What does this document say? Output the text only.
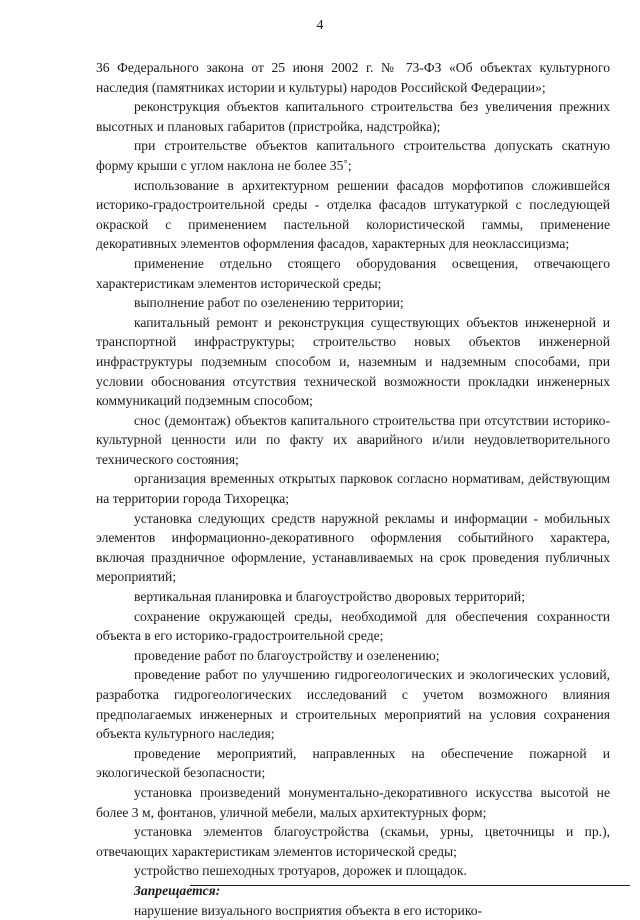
4

36 Федерального закона от 25 июня 2002 г. № 73-ФЗ «Об объектах культурного наследия (памятниках истории и культуры) народов Российской Федерации»;

реконструкция объектов капитального строительства без увеличения прежних высотных и плановых габаритов (пристройка, надстройка);

при строительстве объектов капитального строительства допускать скатную форму крыши с углом наклона не более 35˚;

использование в архитектурном решении фасадов морфотипов сложившейся историко-градостроительной среды - отделка фасадов штукатуркой с последующей окраской с применением пастельной колористической гаммы, применение декоративных элементов оформления фасадов, характерных для неоклассицизма;

применение отдельно стоящего оборудования освещения, отвечающего характеристикам элементов исторической среды;

выполнение работ по озеленению территории;

капитальный ремонт и реконструкция существующих объектов инженерной и транспортной инфраструктуры; строительство новых объектов инженерной инфраструктуры подземным способом и, наземным и надземным способами, при условии обоснования отсутствия технической возможности прокладки инженерных коммуникаций подземным способом;

снос (демонтаж) объектов капитального строительства при отсутствии историко-культурной ценности или по факту их аварийного и/или неудовлетворительного технического состояния;

организация временных открытых парковок согласно нормативам, действующим на территории города Тихорецка;

установка следующих средств наружной рекламы и информации - мобильных элементов информационно-декоративного оформления событийного характера, включая праздничное оформление, устанавливаемых на срок проведения публичных мероприятий;

вертикальная планировка и благоустройство дворовых территорий;

сохранение окружающей среды, необходимой для обеспечения сохранности объекта в его историко-градостроительной среде;

проведение работ по благоустройству и озеленению;

проведение работ по улучшению гидрогеологических и экологических условий, разработка гидрогеологических исследований с учетом возможного влияния предполагаемых инженерных и строительных мероприятий на условия сохранения объекта культурного наследия;

проведение мероприятий, направленных на обеспечение пожарной и экологической безопасности;

установка произведений монументально-декоративного искусства высотой не более 3 м, фонтанов, уличной мебели, малых архитектурных форм;

установка элементов благоустройства (скамьи, урны, цветочницы и пр.), отвечающих характеристикам элементов исторической среды;

устройство пешеходных тротуаров, дорожек и площадок.

Запрещается:

нарушение визуального восприятия объекта в его историко-
